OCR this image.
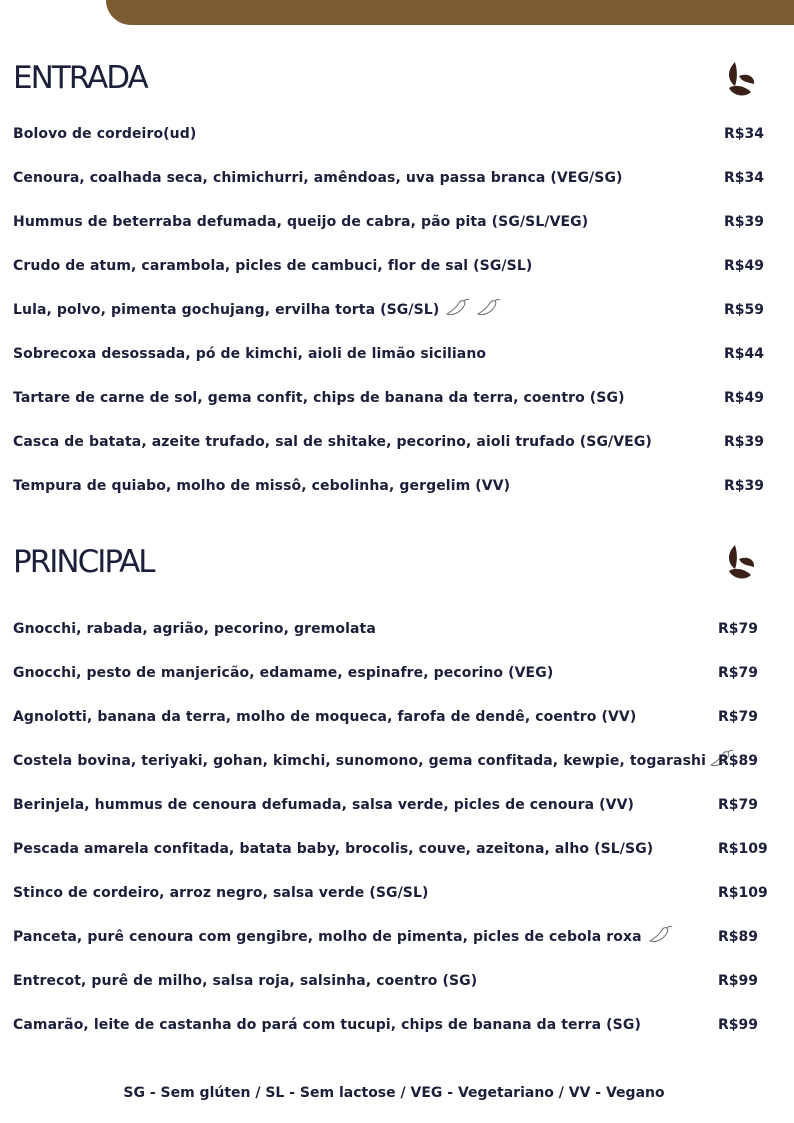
ENTRADA
Bolovo de cordeiro(ud)	R$34
Cenoura, coalhada seca, chimichurri, amêndoas, uva passa branca (VEG/SG)	R$34
Hummus de beterraba defumada, queijo de cabra, pão pita (SG/SL/VEG)	R$39
Crudo de atum, carambola, picles de cambuci, flor de sal (SG/SL)	R$49
Lula, polvo, pimenta gochujang, ervilha torta (SG/SL)	R$59
Sobrecoxa desossada, pó de kimchi, aioli de limão siciliano	R$44
Tartare de carne de sol, gema confit, chips de banana da terra, coentro (SG)	R$49
Casca de batata, azeite trufado, sal de shitake, pecorino, aioli trufado (SG/VEG)	R$39
Tempura de quiabo, molho de missô, cebolinha, gergelim (VV)	R$39
PRINCIPAL
Gnocchi, rabada, agrião, pecorino, gremolata	R$79
Gnocchi, pesto de manjericão, edamame, espinafre, pecorino (VEG)	R$79
Agnolotti, banana da terra, molho de moqueca, farofa de dendê, coentro (VV)	R$79
Costela bovina, teriyaki, gohan, kimchi, sunomono, gema confitada, kewpie, togarashi R$89
Berinjela, hummus de cenoura defumada, salsa verde, picles de cenoura (VV)	R$79
Pescada amarela confitada, batata baby, brocolis, couve, azeitona, alho (SL/SG)	R$109
Stinco de cordeiro, arroz negro, salsa verde (SG/SL)	R$109
Panceta, purê cenoura com gengibre, molho de pimenta, picles de cebola roxa	R$89
Entrecot, purê de milho, salsa roja, salsinha, coentro (SG)	R$99
Camarão, leite de castanha do pará com tucupi, chips de banana da terra (SG)	R$99
SG - Sem glúten / SL - Sem lactose / VEG - Vegetariano / VV - Vegano
